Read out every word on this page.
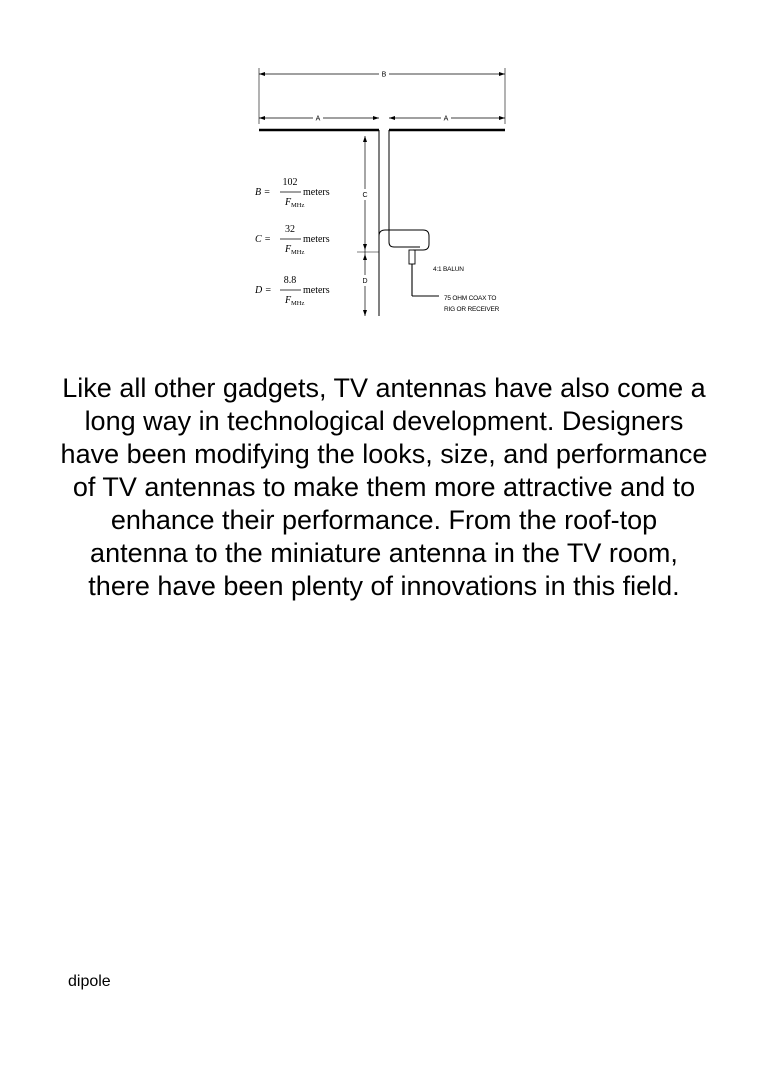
B
A	A
C
D
4:1 BALUN
75 OHM COAX TO
RIG OR RECEIVER
B =
102
F MHz
meters
C =
32
F MHz
meters
D =
8.8
F MHz
meters

Like all other gadgets, TV antennas have also come a long way in technological development. Designers have been modifying the looks, size, and performance of TV antennas to make them more attractive and to enhance their performance. From the roof-top antenna to the miniature antenna in the TV room, there have been plenty of innovations in this field.

dipole
